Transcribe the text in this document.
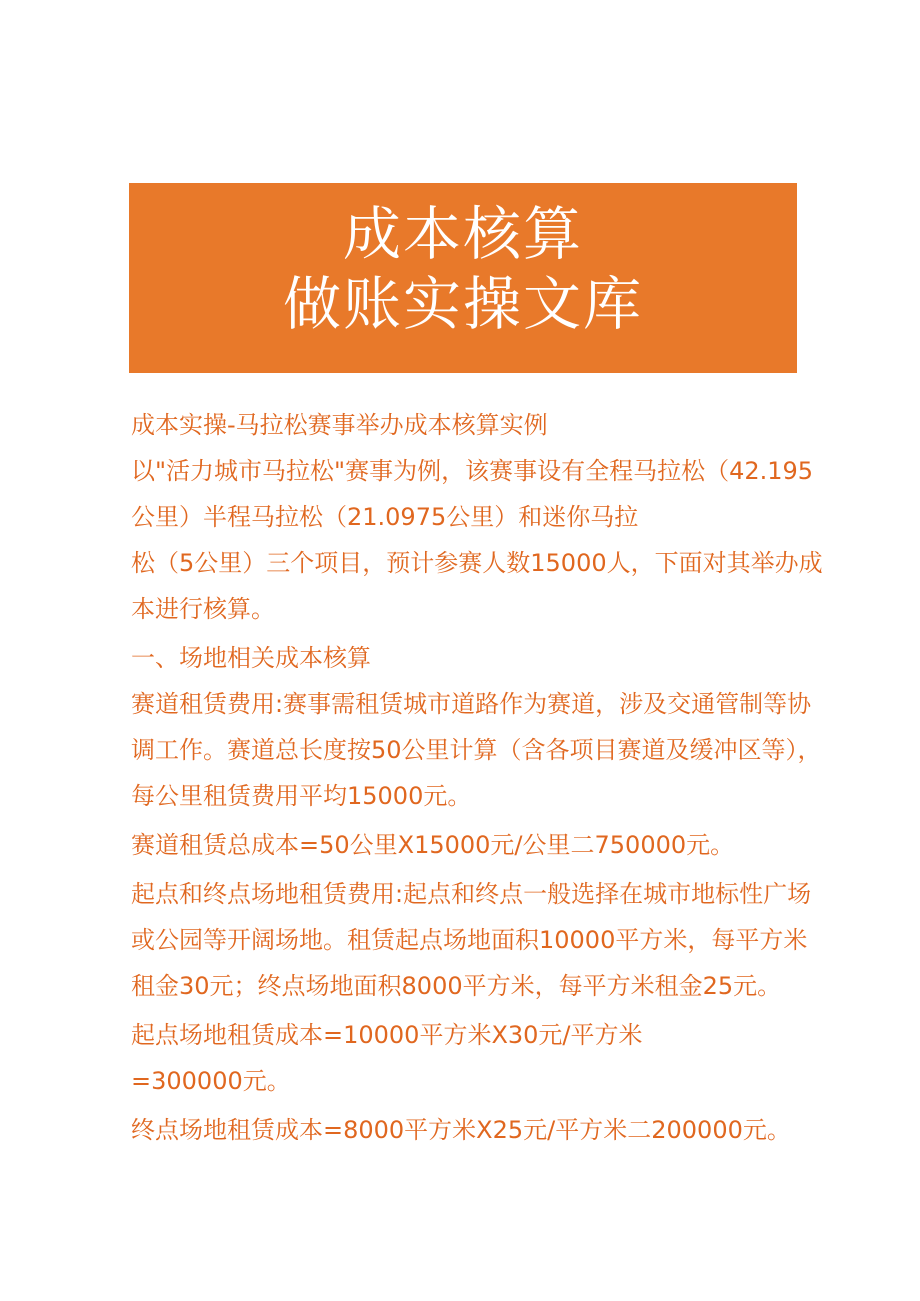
成本核算
做账实操文库
成本实操-马拉松赛事举办成本核算实例
以"活力城市马拉松"赛事为例，该赛事设有全程马拉松（42.195
公里）半程马拉松（21.0975公里）和迷你马拉
松（5公里）三个项目，预计参赛人数15000人，下面对其举办成
本进行核算。
一、场地相关成本核算
赛道租赁费用:赛事需租赁城市道路作为赛道，涉及交通管制等协
调工作。赛道总长度按50公里计算（含各项目赛道及缓冲区等），
每公里租赁费用平均15000元。
赛道租赁总成本=50公里X15000元/公里二750000元。
起点和终点场地租赁费用:起点和终点一般选择在城市地标性广场
或公园等开阔场地。租赁起点场地面积10000平方米，每平方米
租金30元；终点场地面积8000平方米，每平方米租金25元。
起点场地租赁成本=10000平方米X30元/平方米
=300000元。
终点场地租赁成本=8000平方米X25元/平方米二200000元。
